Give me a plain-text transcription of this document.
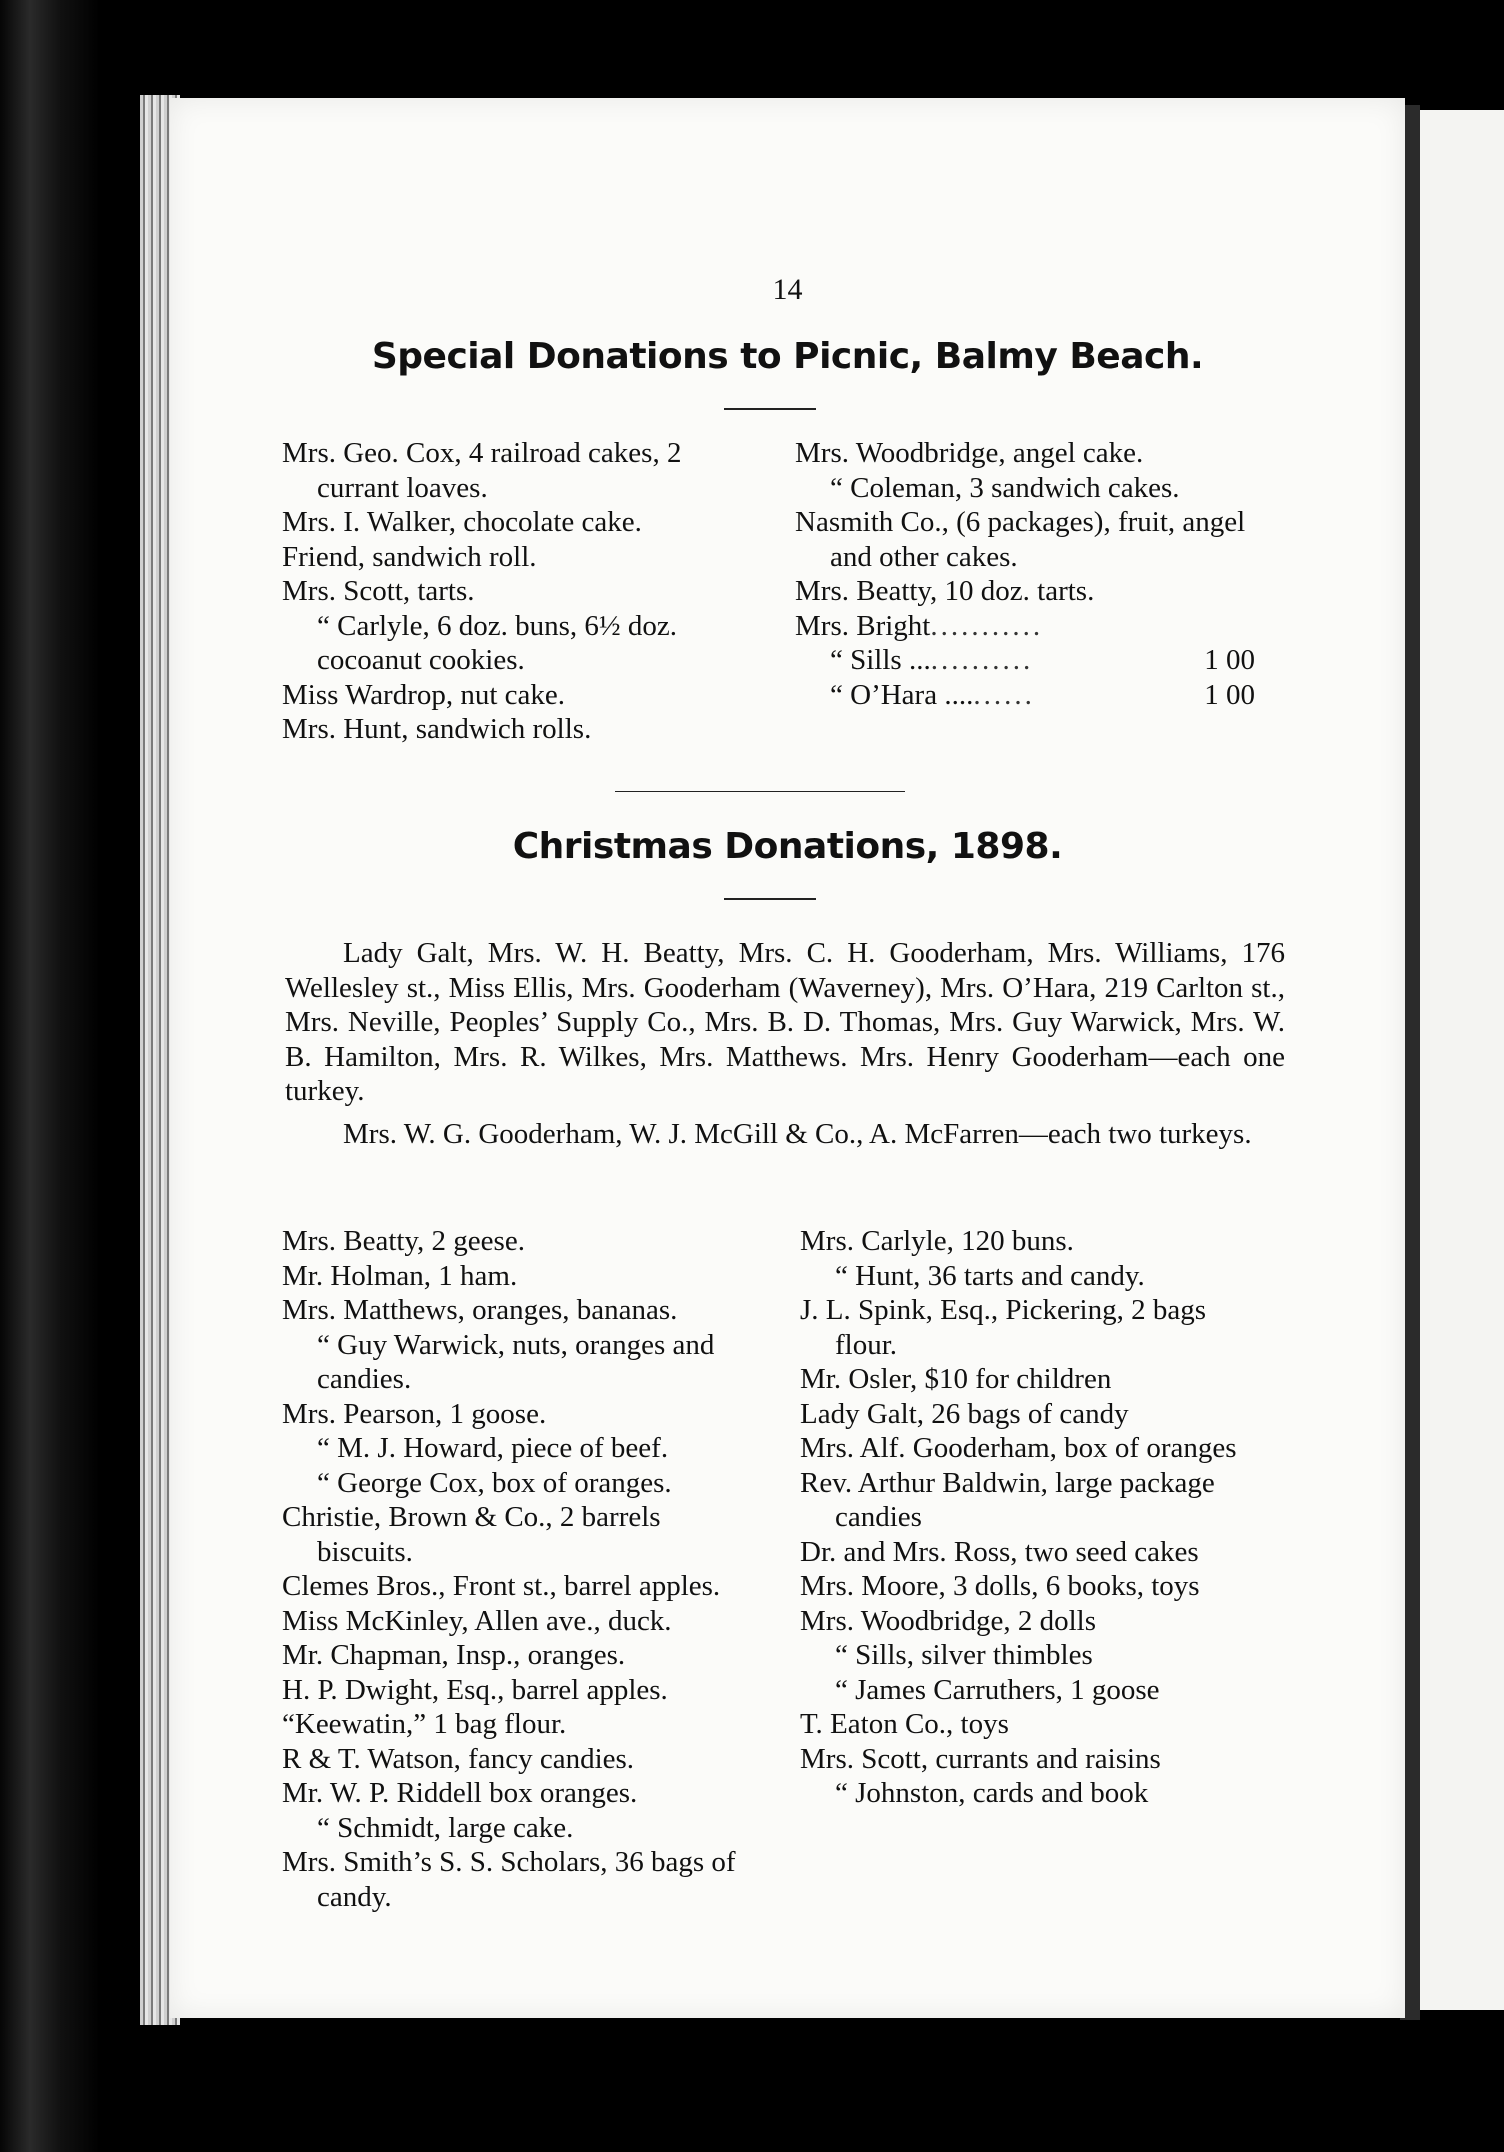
14
Special Donations to Picnic, Balmy Beach.
Mrs. Geo. Cox, 4 railroad cakes, 2 currant loaves.
Mrs. I. Walker, chocolate cake.
Friend, sandwich roll.
Mrs. Scott, tarts.
“ Carlyle, 6 doz. buns, 6½ doz. cocoanut cookies.
Miss Wardrop, nut cake.
Mrs. Hunt, sandwich rolls.
Mrs. Woodbridge, angel cake.
“ Coleman, 3 sandwich cakes.
Nasmith Co., (6 packages), fruit, angel and other cakes.
Mrs. Beatty, 10 doz. tarts.
Mrs. Bright ...........
“ Sills ... ..........	1 00
“ O’Hara .... ......	1 00
Christmas Donations, 1898.

Lady Galt, Mrs. W. H. Beatty, Mrs. C. H. Gooderham, Mrs. Williams, 176 Wellesley st., Miss Ellis, Mrs. Gooderham (Waverney), Mrs. O’Hara, 219 Carlton st., Mrs. Neville, Peoples’ Supply Co., Mrs. B. D. Thomas, Mrs. Guy Warwick, Mrs. W. B. Hamilton, Mrs. R. Wilkes, Mrs. Matthews. Mrs. Henry Gooderham—each one turkey.

Mrs. W. G. Gooderham, W. J. McGill & Co., A. McFarren—each two turkeys.

Mrs. Beatty, 2 geese.
Mr. Holman, 1 ham.
Mrs. Matthews, oranges, bananas.
“ Guy Warwick, nuts, oranges and candies.
Mrs. Pearson, 1 goose.
“ M. J. Howard, piece of beef.
“ George Cox, box of oranges.
Christie, Brown & Co., 2 barrels biscuits.
Clemes Bros., Front st., barrel apples.
Miss McKinley, Allen ave., duck.
Mr. Chapman, Insp., oranges.
H. P. Dwight, Esq., barrel apples.
“Keewatin,” 1 bag flour.
R & T. Watson, fancy candies.
Mr. W. P. Riddell box oranges.
“ Schmidt, large cake.
Mrs. Smith’s S. S. Scholars, 36 bags of candy.
Mrs. Carlyle, 120 buns.
“ Hunt, 36 tarts and candy.
J. L. Spink, Esq., Pickering, 2 bags flour.
Mr. Osler, $10 for children
Lady Galt, 26 bags of candy
Mrs. Alf. Gooderham, box of oranges
Rev. Arthur Baldwin, large package candies
Dr. and Mrs. Ross, two seed cakes
Mrs. Moore, 3 dolls, 6 books, toys
Mrs. Woodbridge, 2 dolls
“ Sills, silver thimbles
“ James Carruthers, 1 goose
T. Eaton Co., toys
Mrs. Scott, currants and raisins
“ Johnston, cards and book
